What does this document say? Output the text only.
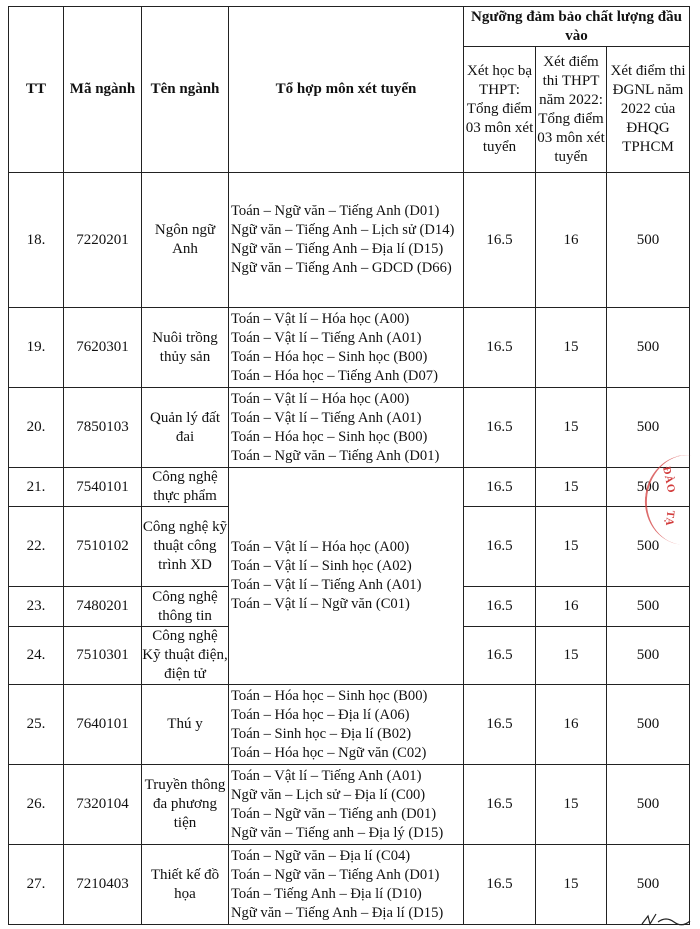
TT	Mã ngành	Tên ngành	Tổ hợp môn xét tuyển	Ngưỡng đảm bảo chất lượng đầu vào		
				Xét học bạ THPT: Tổng điểm 03 môn xét tuyển	Xét điểm thi THPT năm 2022: Tổng điểm 03 môn xét tuyển	Xét điểm thi ĐGNL năm 2022 của ĐHQG TPHCM
18.	7220201	Ngôn ngữ Anh	Toán – Ngữ văn – Tiếng Anh (D01)
Ngữ văn – Tiếng Anh – Lịch sử (D14)
Ngữ văn – Tiếng Anh – Địa lí (D15)
Ngữ văn – Tiếng Anh – GDCD (D66)	16.5	16	500
19.	7620301	Nuôi trồng thủy sản	Toán – Vật lí – Hóa học (A00)
Toán – Vật lí – Tiếng Anh (A01)
Toán – Hóa học – Sinh học (B00)
Toán – Hóa học – Tiếng Anh (D07)	16.5	15	500
20.	7850103	Quản lý đất đai	Toán – Vật lí – Hóa học (A00)
Toán – Vật lí – Tiếng Anh (A01)
Toán – Hóa học – Sinh học (B00)
Toán – Ngữ văn – Tiếng Anh (D01)	16.5	15	500
21.	7540101	Công nghệ thực phẩm	Toán – Vật lí – Hóa học (A00)
Toán – Vật lí – Sinh học (A02)
Toán – Vật lí – Tiếng Anh (A01)
Toán – Vật lí – Ngữ văn (C01)	16.5	15	500
22.	7510102	Công nghệ kỹ thuật công trình XD		16.5	15	500
23.	7480201	Công nghệ thông tin		16.5	16	500
24.	7510301	Công nghệ Kỹ thuật điện, điện tử		16.5	15	500
25.	7640101	Thú y	Toán – Hóa học – Sinh học (B00)
Toán – Hóa học – Địa lí (A06)
Toán – Sinh học – Địa lí (B02)
Toán – Hóa học – Ngữ văn (C02)	16.5	16	500
26.	7320104	Truyền thông đa phương tiện	Toán – Vật lí – Tiếng Anh (A01)
Ngữ văn – Lịch sử – Địa lí (C00)
Toán – Ngữ văn – Tiếng anh (D01)
Ngữ văn – Tiếng anh – Địa lý (D15)	16.5	15	500
27.	7210403	Thiết kế đồ họa	Toán – Ngữ văn – Địa lí (C04)
Toán – Ngữ văn – Tiếng Anh (D01)
Toán – Tiếng Anh – Địa lí (D10)
Ngữ văn – Tiếng Anh – Địa lí (D15)	16.5	15	500
ĐÀO
TẠ
